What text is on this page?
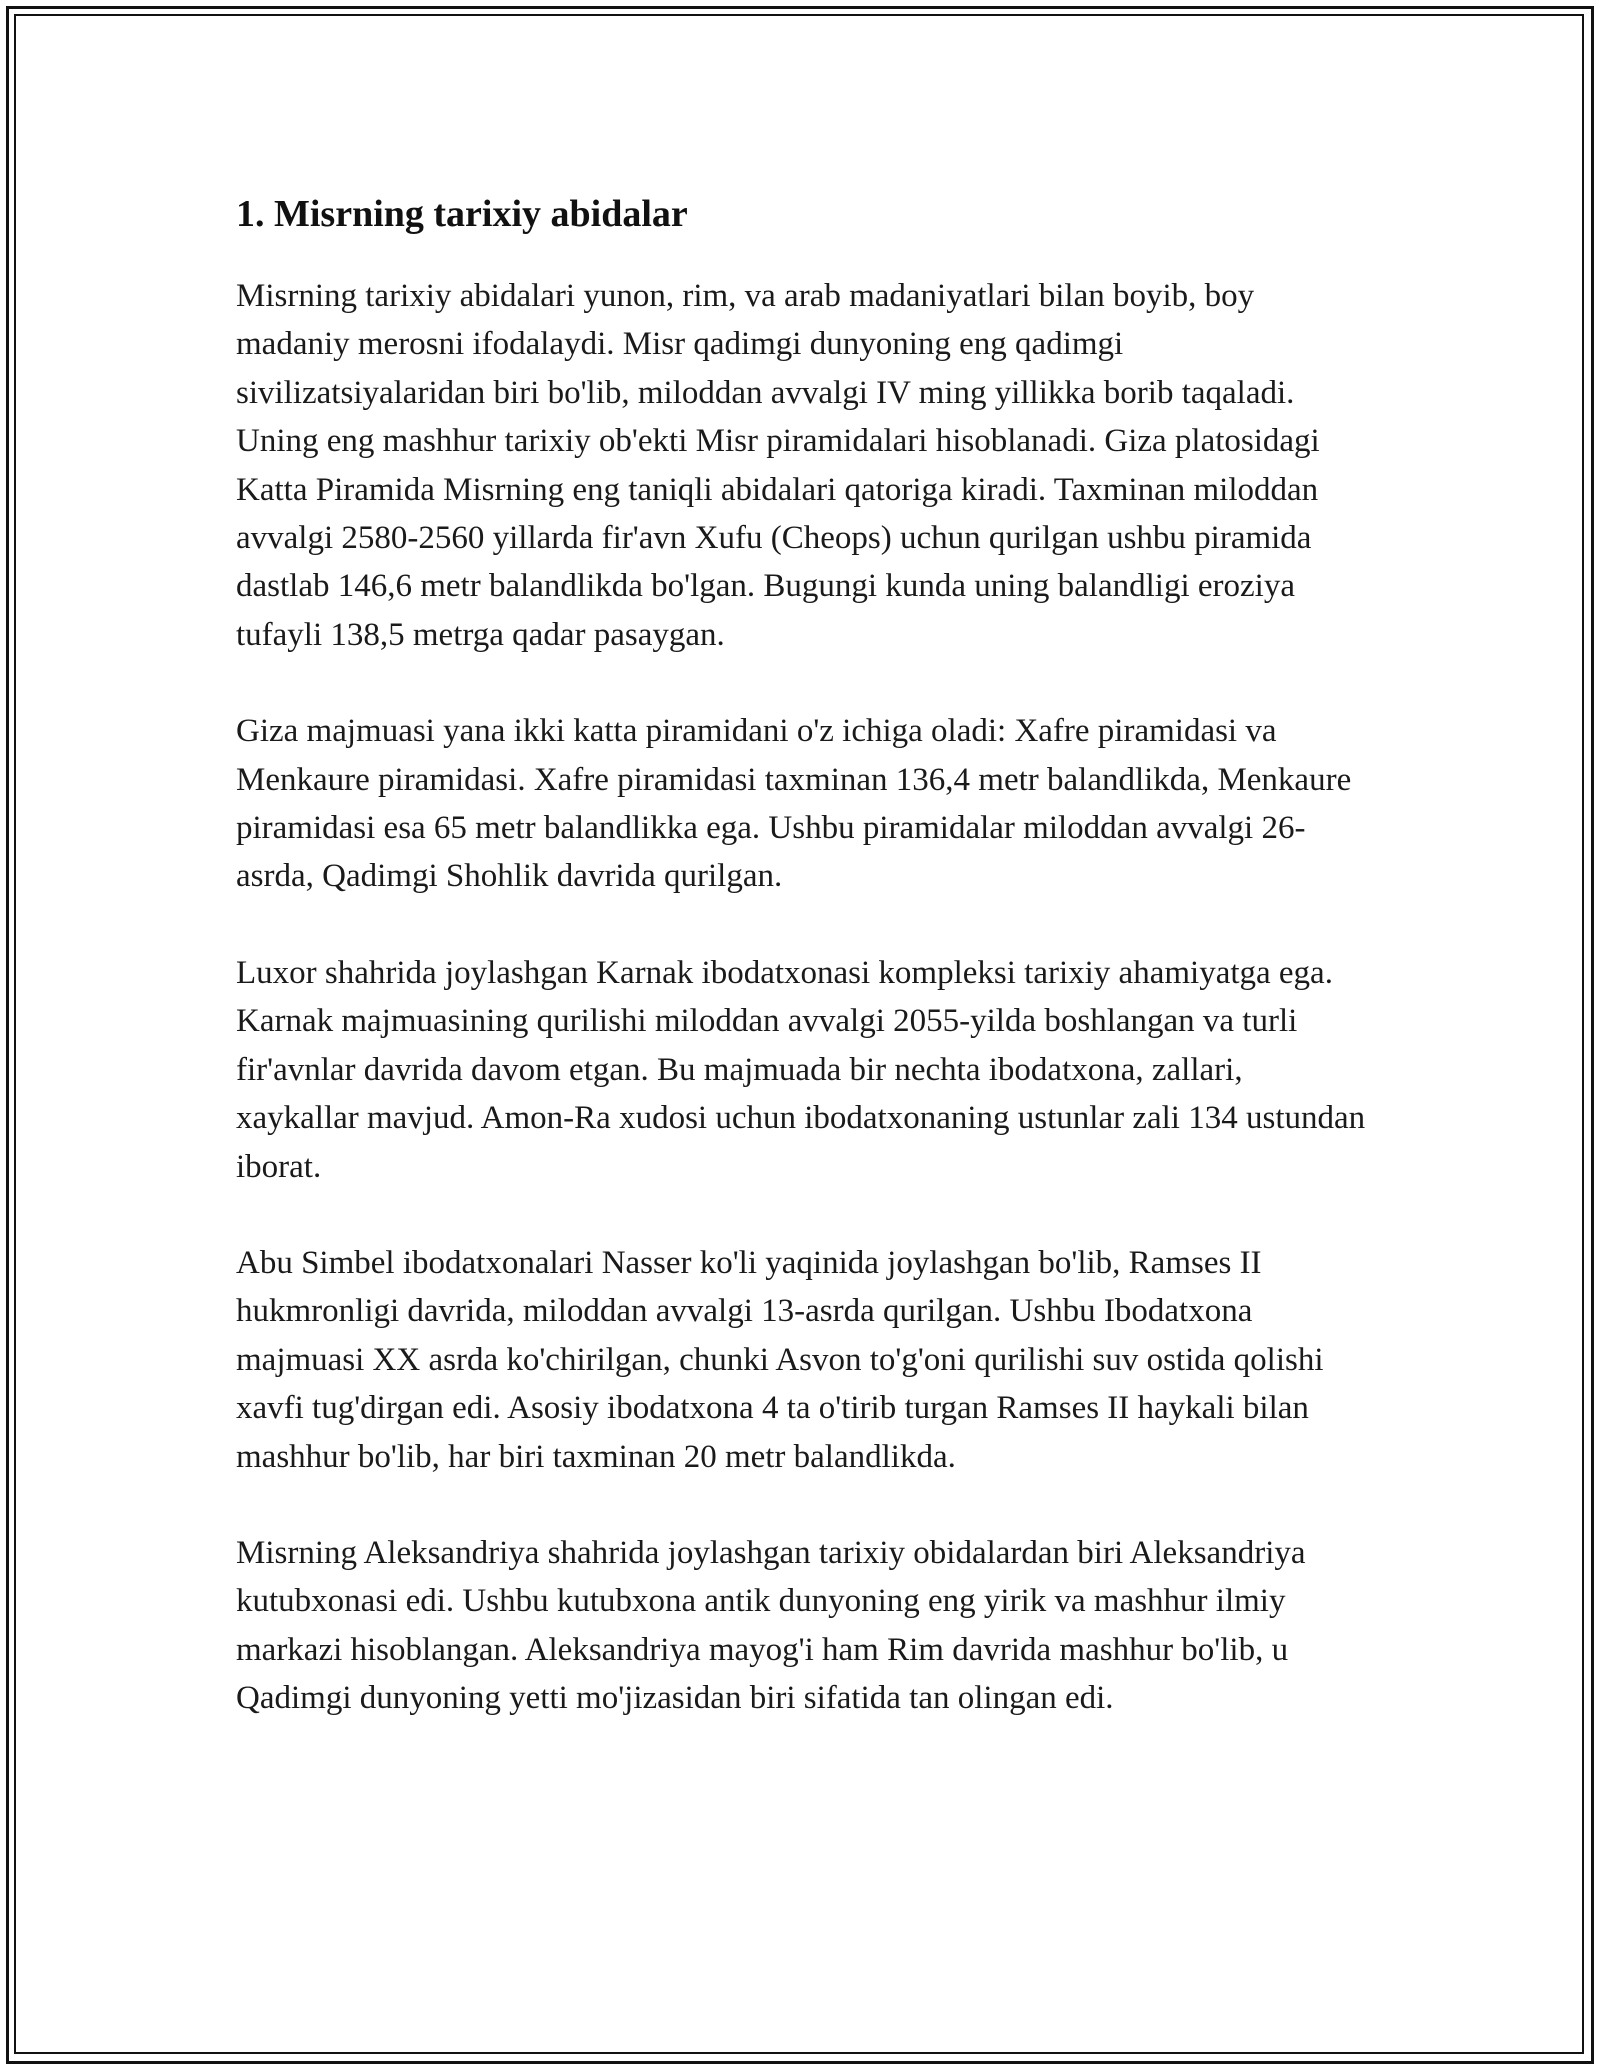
1. Misrning tarixiy abidalar

Misrning tarixiy abidalari yunon, rim, va arab madaniyatlari bilan boyib, boy madaniy merosni ifodalaydi. Misr qadimgi dunyoning eng qadimgi sivilizatsiyalaridan biri bo'lib, miloddan avvalgi IV ming yillikka borib taqaladi. Uning eng mashhur tarixiy ob'ekti Misr piramidalari hisoblanadi. Giza platosidagi Katta Piramida Misrning eng taniqli abidalari qatoriga kiradi. Taxminan miloddan avvalgi 2580-2560 yillarda fir'avn Xufu (Cheops) uchun qurilgan ushbu piramida dastlab 146,6 metr balandlikda bo'lgan. Bugungi kunda uning balandligi eroziya tufayli 138,5 metrga qadar pasaygan.

Giza majmuasi yana ikki katta piramidani o'z ichiga oladi: Xafre piramidasi va Menkaure piramidasi. Xafre piramidasi taxminan 136,4 metr balandlikda, Menkaure piramidasi esa 65 metr balandlikka ega. Ushbu piramidalar miloddan avvalgi 26-asrda, Qadimgi Shohlik davrida qurilgan.

Luxor shahrida joylashgan Karnak ibodatxonasi kompleksi tarixiy ahamiyatga ega. Karnak majmuasining qurilishi miloddan avvalgi 2055-yilda boshlangan va turli fir'avnlar davrida davom etgan. Bu majmuada bir nechta ibodatxona, zallari, xaykallar mavjud. Amon-Ra xudosi uchun ibodatxonaning ustunlar zali 134 ustundan iborat.

Abu Simbel ibodatxonalari Nasser ko'li yaqinida joylashgan bo'lib, Ramses II hukmronligi davrida, miloddan avvalgi 13-asrda qurilgan. Ushbu Ibodatxona majmuasi XX asrda ko'chirilgan, chunki Asvon to'g'oni qurilishi suv ostida qolishi xavfi tug'dirgan edi. Asosiy ibodatxona 4 ta o'tirib turgan Ramses II haykali bilan mashhur bo'lib, har biri taxminan 20 metr balandlikda.

Misrning Aleksandriya shahrida joylashgan tarixiy obidalardan biri Aleksandriya kutubxonasi edi. Ushbu kutubxona antik dunyoning eng yirik va mashhur ilmiy markazi hisoblangan. Aleksandriya mayog'i ham Rim davrida mashhur bo'lib, u Qadimgi dunyoning yetti mo'jizasidan biri sifatida tan olingan edi.
